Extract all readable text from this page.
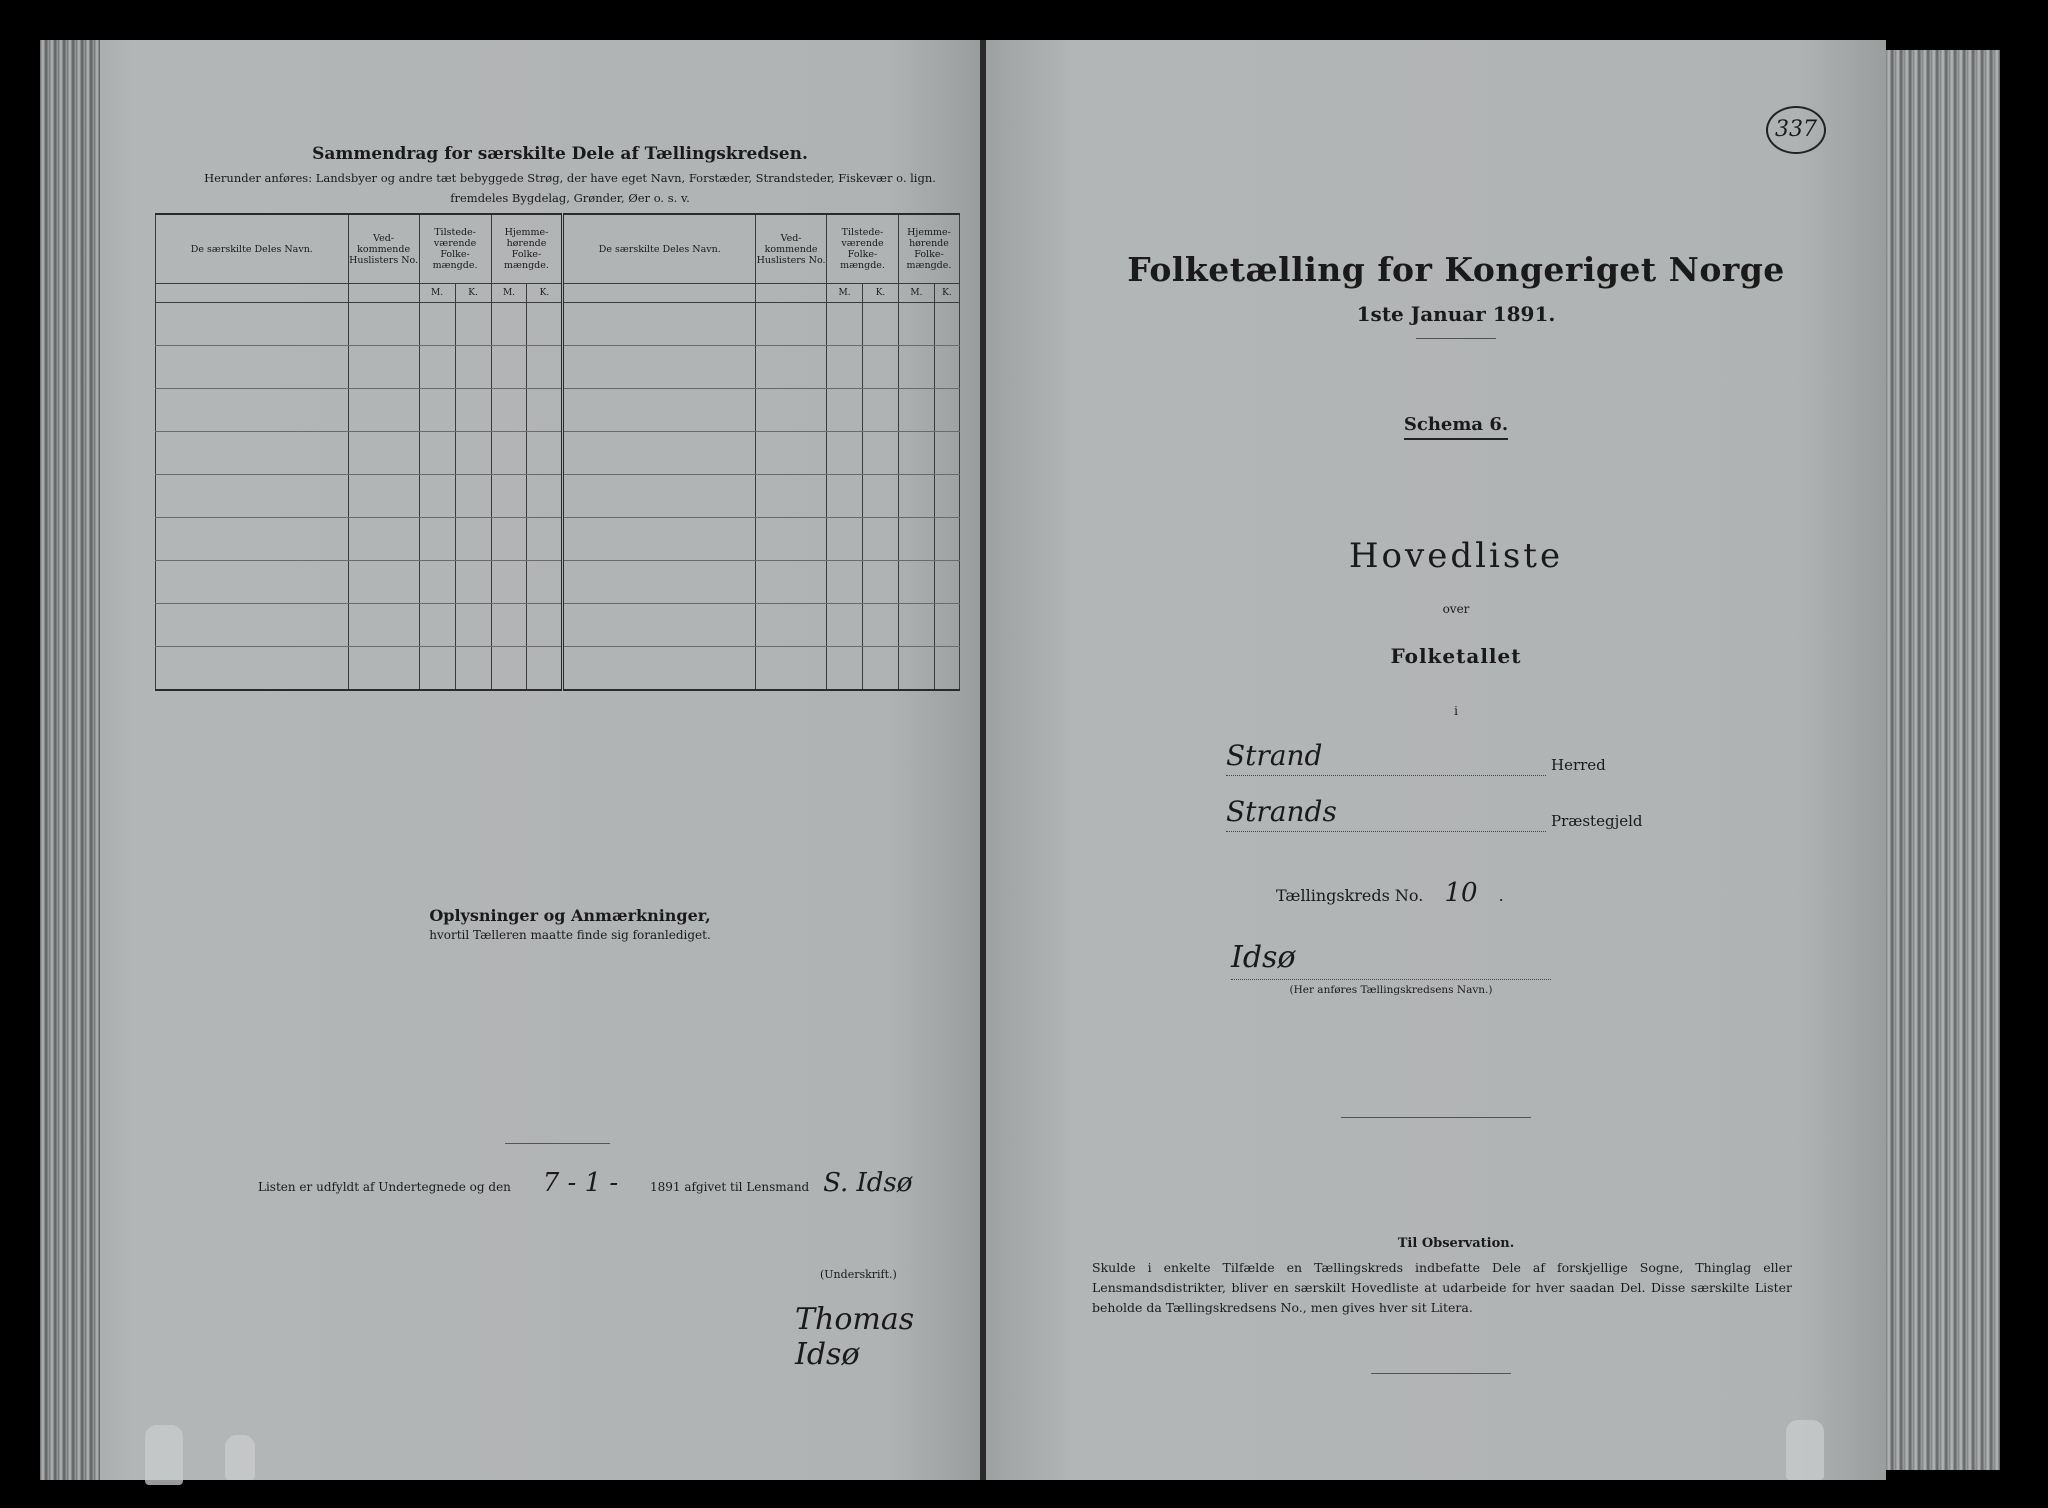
Sammendrag for særskilte Dele af Tællingskredsen.
Herunder anføres: Landsbyer og andre tæt bebyggede Strøg, der have eget Navn, Forstæder, Strandsteder, Fiskevær o. lign.
fremdeles Bygdelag, Grønder, Øer o. s. v.
De særskilte Deles Navn.	Ved-kommende Huslisters No.	Tilstede-værende Folke-mængde.		Hjemme-hørende Folke-mængde.		De særskilte Deles Navn.	Ved-kommende Huslisters No.	Tilstede-værende Folke-mængde.		Hjemme-hørende Folke-mængde.	
		M.	K.	M.	K.			M.	K.	M.	K.

Oplysninger og Anmærkninger,
hvortil Tælleren maatte finde sig foranlediget.
Listen er udfyldt af Undertegnede og den 7 - 1 -	1891 afgivet til Lensmand S. Idsø
(Underskrift.)
Thomas Idsø
Folketælling for Kongeriget Norge
1ste Januar 1891.
Schema 6.
Hovedliste
over
Folketallet
i
Strand	Herred
Strands	Præstegjeld
Tællingskreds No. 10 .
Idsø
(Her anføres Tællingskredsens Navn.)
Til Observation.
Skulde i enkelte Tilfælde en Tællingskreds indbefatte Dele af forskjellige Sogne, Thinglag eller Lensmandsdistrikter, bliver en særskilt Hovedliste at udarbeide for hver saadan Del. Disse særskilte Lister beholde da Tællingskredsens No., men gives hver sit Litera.
337
